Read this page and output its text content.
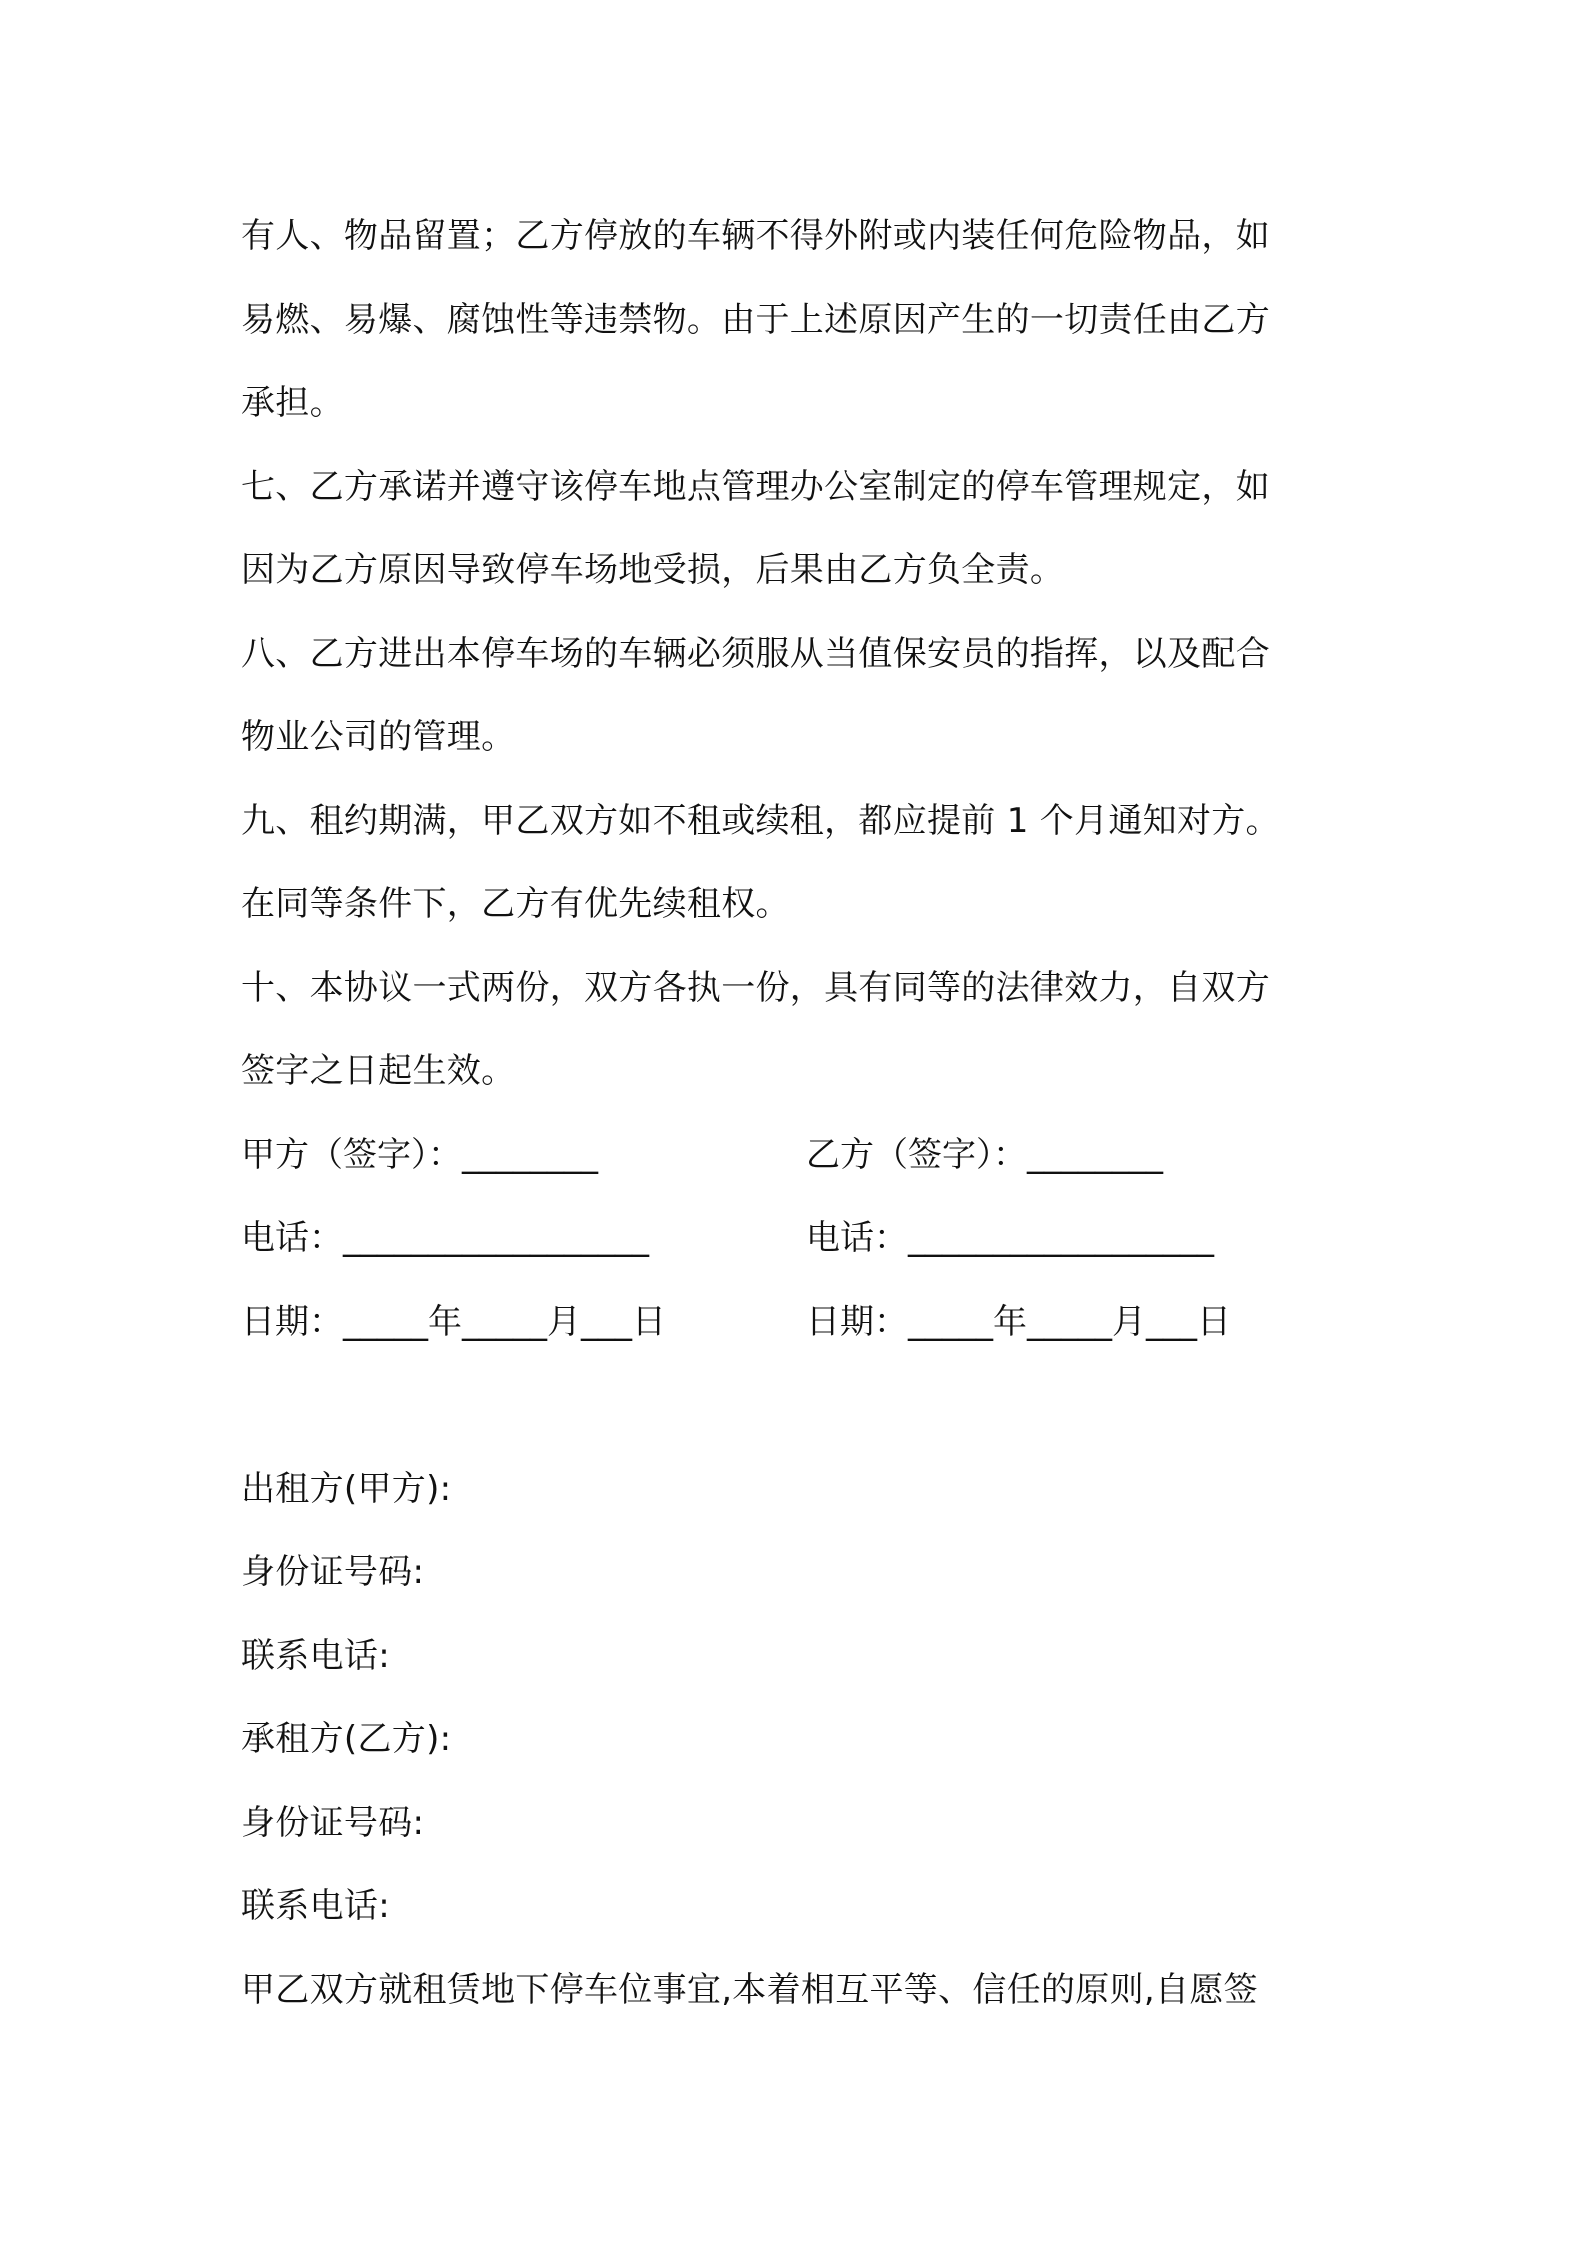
有人、物品留置；乙方停放的车辆不得外附或内装任何危险物品，如
易燃、易爆、腐蚀性等违禁物。由于上述原因产生的一切责任由乙方
承担。
七、乙方承诺并遵守该停车地点管理办公室制定的停车管理规定，如
因为乙方原因导致停车场地受损，后果由乙方负全责。
八、乙方进出本停车场的车辆必须服从当值保安员的指挥，以及配合
物业公司的管理。
九、租约期满，甲乙双方如不租或续租，都应提前 1 个月通知对方。
在同等条件下，乙方有优先续租权。
十、本协议一式两份，双方各执一份，具有同等的法律效力，自双方
签字之日起生效。
甲方（签字）：________	乙方（签字）：________
电话：__________________	电话：__________________
日期：_____年_____月___日	日期：_____年_____月___日
出租方(甲方):
身份证号码:
联系电话:
承租方(乙方):
身份证号码:
联系电话:
甲乙双方就租赁地下停车位事宜,本着相互平等、信任的原则,自愿签
